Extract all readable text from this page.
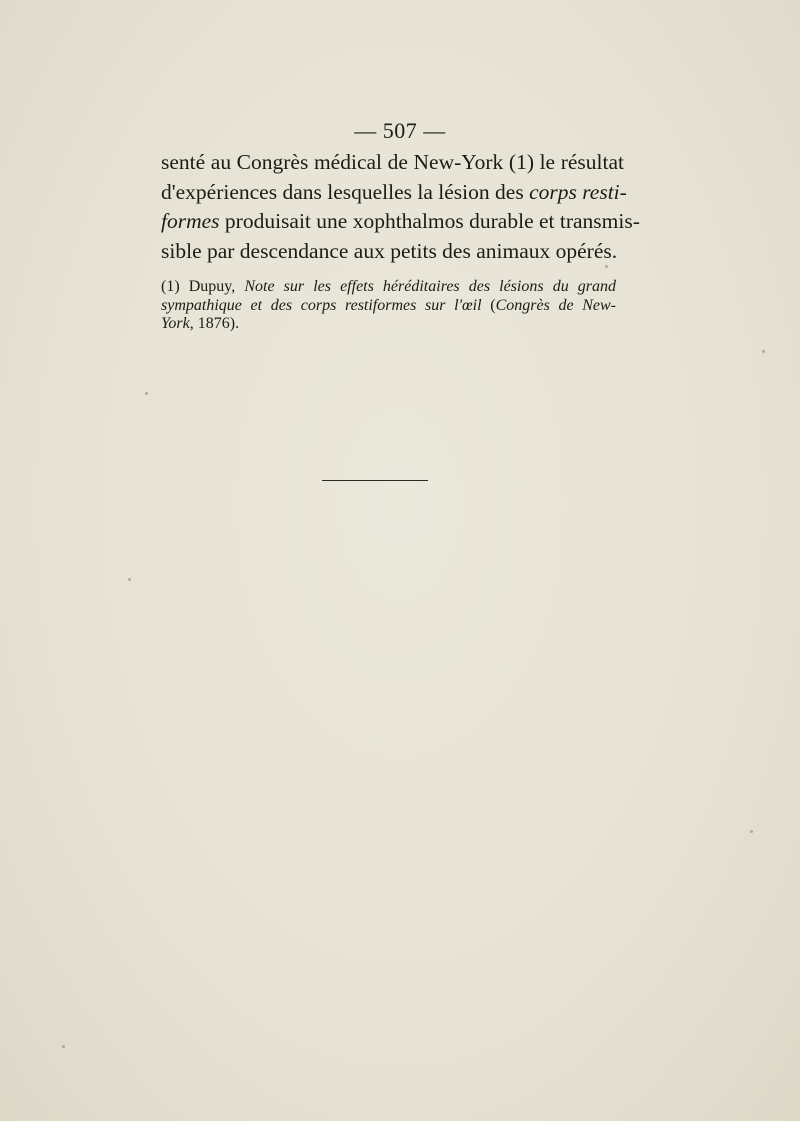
— 507 —
senté au Congrès médical de New-York (1) le résultat
d'expériences dans lesquelles la lésion des corps resti-
formes produisait une xophthalmos durable et transmis-
sible par descendance aux petits des animaux opérés.
(1) Dupuy, Note sur les effets héréditaires des lésions du grand
sympathique et des corps restiformes sur l'œil (Congrès de New-
York, 1876).
